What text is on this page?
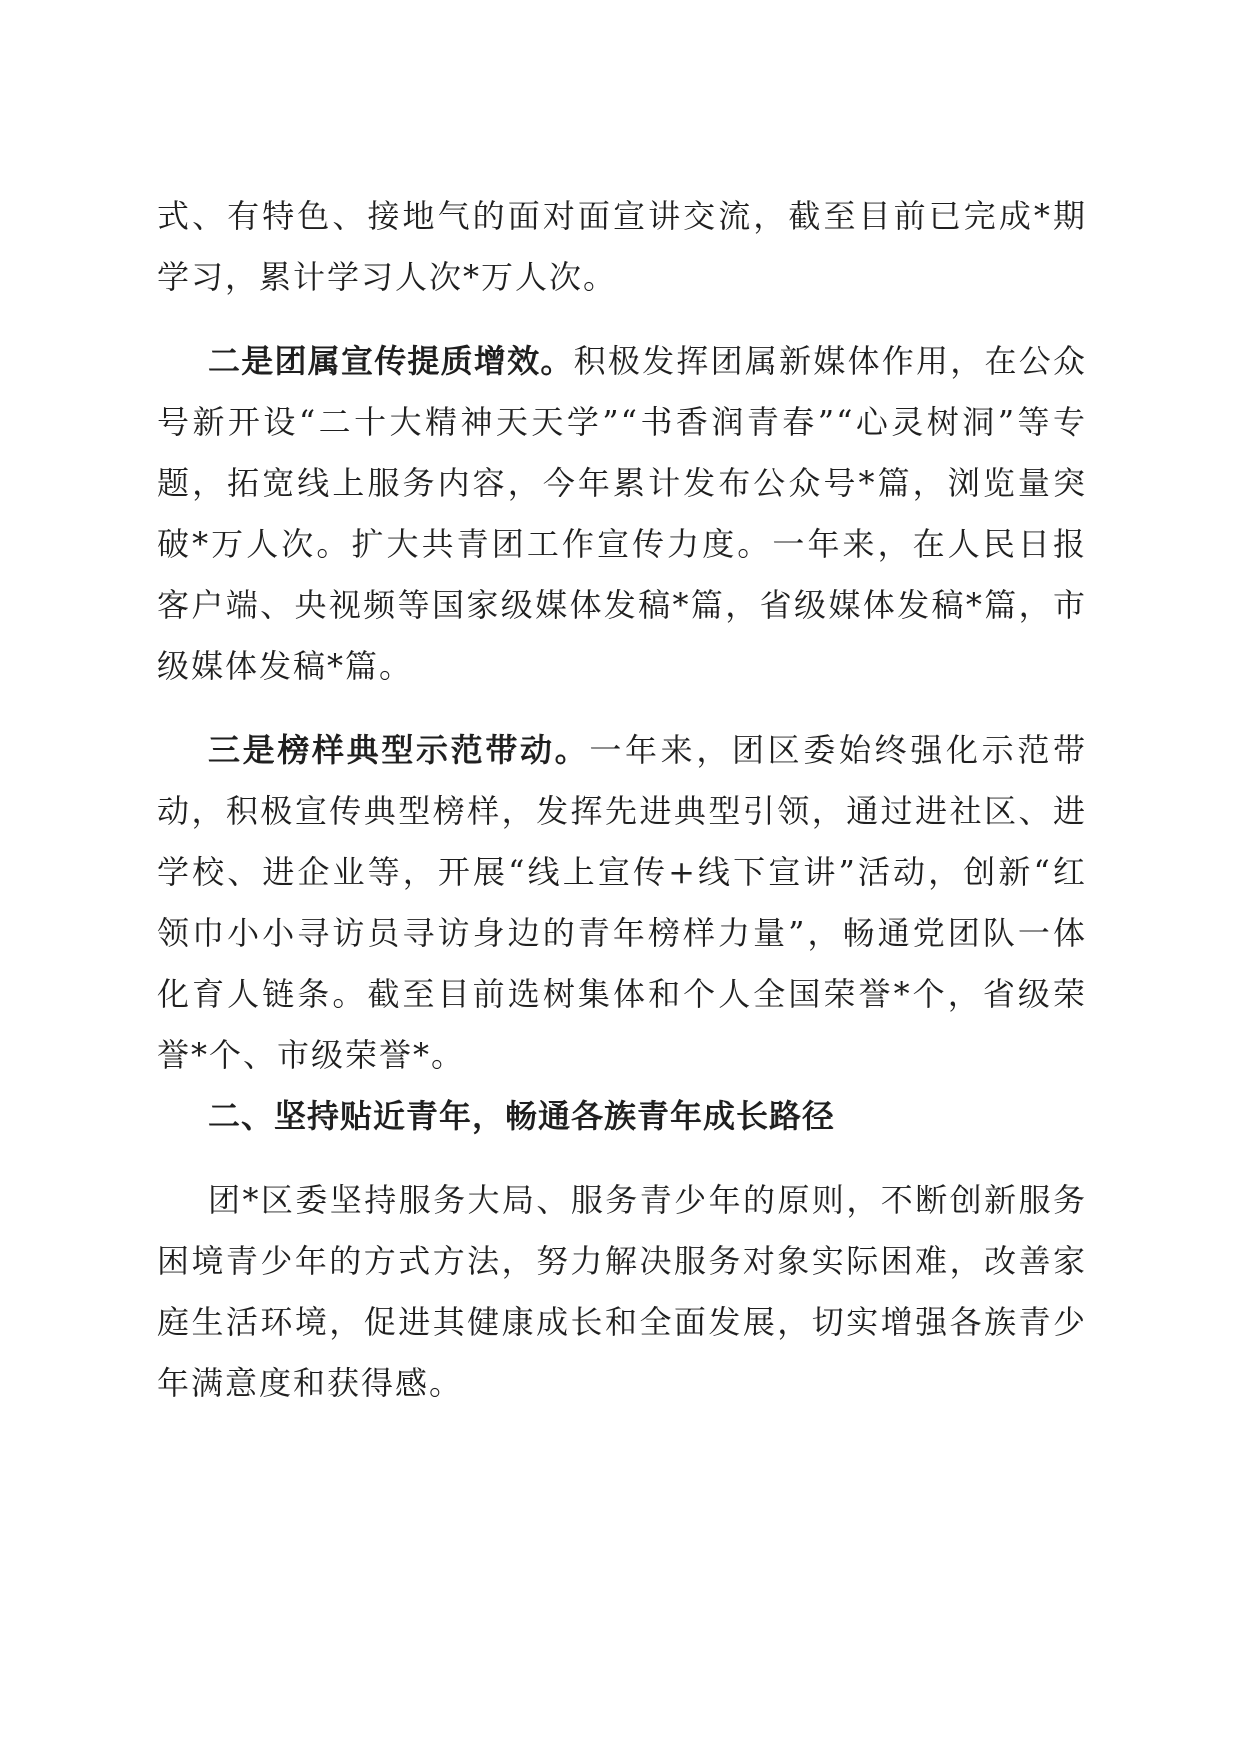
式、有特色、接地气的面对面宣讲交流，截至目前已完成*期学习，累计学习人次*万人次。

二是团属宣传提质增效。积极发挥团属新媒体作用，在公众号新开设“二十大精神天天学”“书香润青春”“心灵树洞”等专题，拓宽线上服务内容，今年累计发布公众号*篇，浏览量突破*万人次。扩大共青团工作宣传力度。一年来，在人民日报客户端、央视频等国家级媒体发稿*篇，省级媒体发稿*篇，市级媒体发稿*篇。

三是榜样典型示范带动。一年来，团区委始终强化示范带动，积极宣传典型榜样，发挥先进典型引领，通过进社区、进学校、进企业等，开展“线上宣传+线下宣讲”活动，创新“红领巾小小寻访员寻访身边的青年榜样力量”，畅通党团队一体化育人链条。截至目前选树集体和个人全国荣誉*个，省级荣誉*个、市级荣誉*。

二、坚持贴近青年，畅通各族青年成长路径

团*区委坚持服务大局、服务青少年的原则，不断创新服务困境青少年的方式方法，努力解决服务对象实际困难，改善家庭生活环境，促进其健康成长和全面发展，切实增强各族青少年满意度和获得感。
